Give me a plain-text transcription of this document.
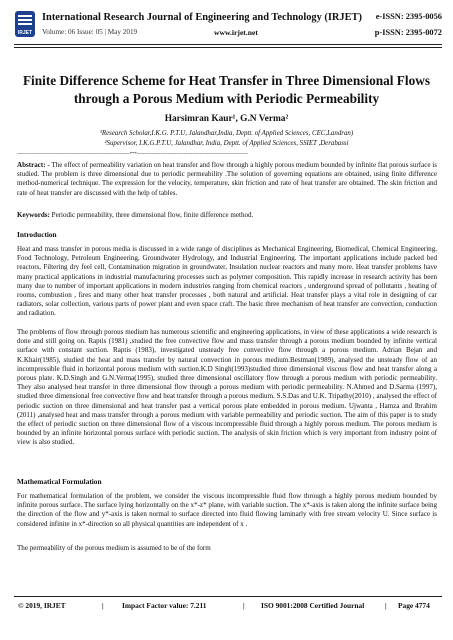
IRJET
International Research Journal of Engineering and Technology (IRJET) e-ISSN: 2395-0056
Volume: 06 Issue: 05 | May 2019	www.irjet.net	p-ISSN: 2395-0072
Finite Difference Scheme for Heat Transfer in Three Dimensional Flows through a Porous Medium with Periodic Permeability
Harsimran Kaur¹, G.N Verma²
¹Research Scholar,I.K.G. P.T.U, Jalandhar,India, Deptt. of Applied Sciences, CEC,Landran)
²Supervisor, I.K.G.P.T.U, Jalandhar, India, Deptt. of Applied Sciences, SSIET ,Derabassi
-----------------------------------------------------------------------------***----------------------------------------------------------------------------

Abstract: - The effect of permeability variation on heat transfer and flow through a highly porous medium bounded by infinite flat porous surface is studied. The problem is three dimensional due to periodic permeability .The solution of governing equations are obtained, using finite difference method-numerical technique. The expression for the velocity, temperature, skin friction and rate of heat transfer are obtained. The skin friction and rate of heat transfer are discussed with the help of tables.

Keywords: Periodic permeability, three dimensional flow, finite difference method.

Introduction

Heat and mass transfer in porous media is discussed in a wide range of disciplines as Mechanical Engineering, Biomedical, Chemical Engineering, Food Technology, Petroleum Engineering, Groundwater Hydrology, and Industrial Engineering. The important applications include packed bed reactors, Filtering dry feel cell, Contamination migration in groundwater, Insulation nuclear reactors and many more. Heat transfer problems have many practical applications in industrial manufacturing processes such as polymer composition. This rapidly increase in research activity has been many due to number of important applications in modern industries ranging from chemical reactors , underground spread of pollutants , heating of rooms, combustion , fires and many other heat transfer processes , both natural and artificial. Heat transfer plays a vital role in designing of car radiators, solar collection, various parts of power plant and even space craft. The basic three mechanism of heat transfer are convection, conduction and radiation.

The problems of flow through porous medium has numerous scientific and engineering applications, in view of these applications a wide research is done and still going on. Raptis (1981) ,studied the free convective flow and mass transfer through a porous medium bounded by infinite vertical surface with constant suction. Raptis (1983), investigated unsteady free convective flow through a porous medium. Adrian Bejan and K.Khair(1985), studied the heat and mass transfer by natural convection in porous medium.Bestman(1989), analysed the unsteady flow of an incompressible fluid in horizontal porous medium with suction.K.D Singh(1993)studied three dimensional viscous flow and heat transfer along a porous plate. K.D.Singh and G.N.Verma(1995), studied three dimensional oscillatory flow through a porous medium with periodic permeability. They also analysed heat transfer in three dimensional flow through a porous medium with periodic permeability. N.Ahmed and D.Sarma (1997), studied three dimensional free convective flow and heat transfer through a porous medium. S.S.Das and U.K. Tripathy(2010) , analysed the effect of periodic suction on three dimensional and heat transfer past a vertical porous plate embedded in porous medium. Ujwanta , Hamza and Ibrahim (2011) ,analysed heat and mass transfer through a porous medium with variable permeability and periodic suction. The aim of this paper is to study the effect of periodic suction on three dimensional flow of a viscous incompressible fluid through a highly porous medium. The porous medium is bounded by an infinite horizontal porous surface with periodic suction. The analysis of skin friction which is very important from industry point of view is also studied.

Mathematical Formulation

For mathematical formulation of the problem, we consider the viscous incompressible fluid flow through a highly porous medium bounded by infinite porous surface. The surface lying horizontally on the x*-z* plane, with variable suction. The x*-axis is taken along the infinite surface being the direction of the flow and y*-axis is taken normal to surface directed into fluid flowing laminarly with free stream velocity U. Since surface is considered infinite in x*-direction so all physical quantities are independent of x .

The permeability of the porous medium is assumed to be of the form

© 2019, IRJET	| Impact Factor value: 7.211	| ISO 9001:2008 Certified Journal	| Page 4774
